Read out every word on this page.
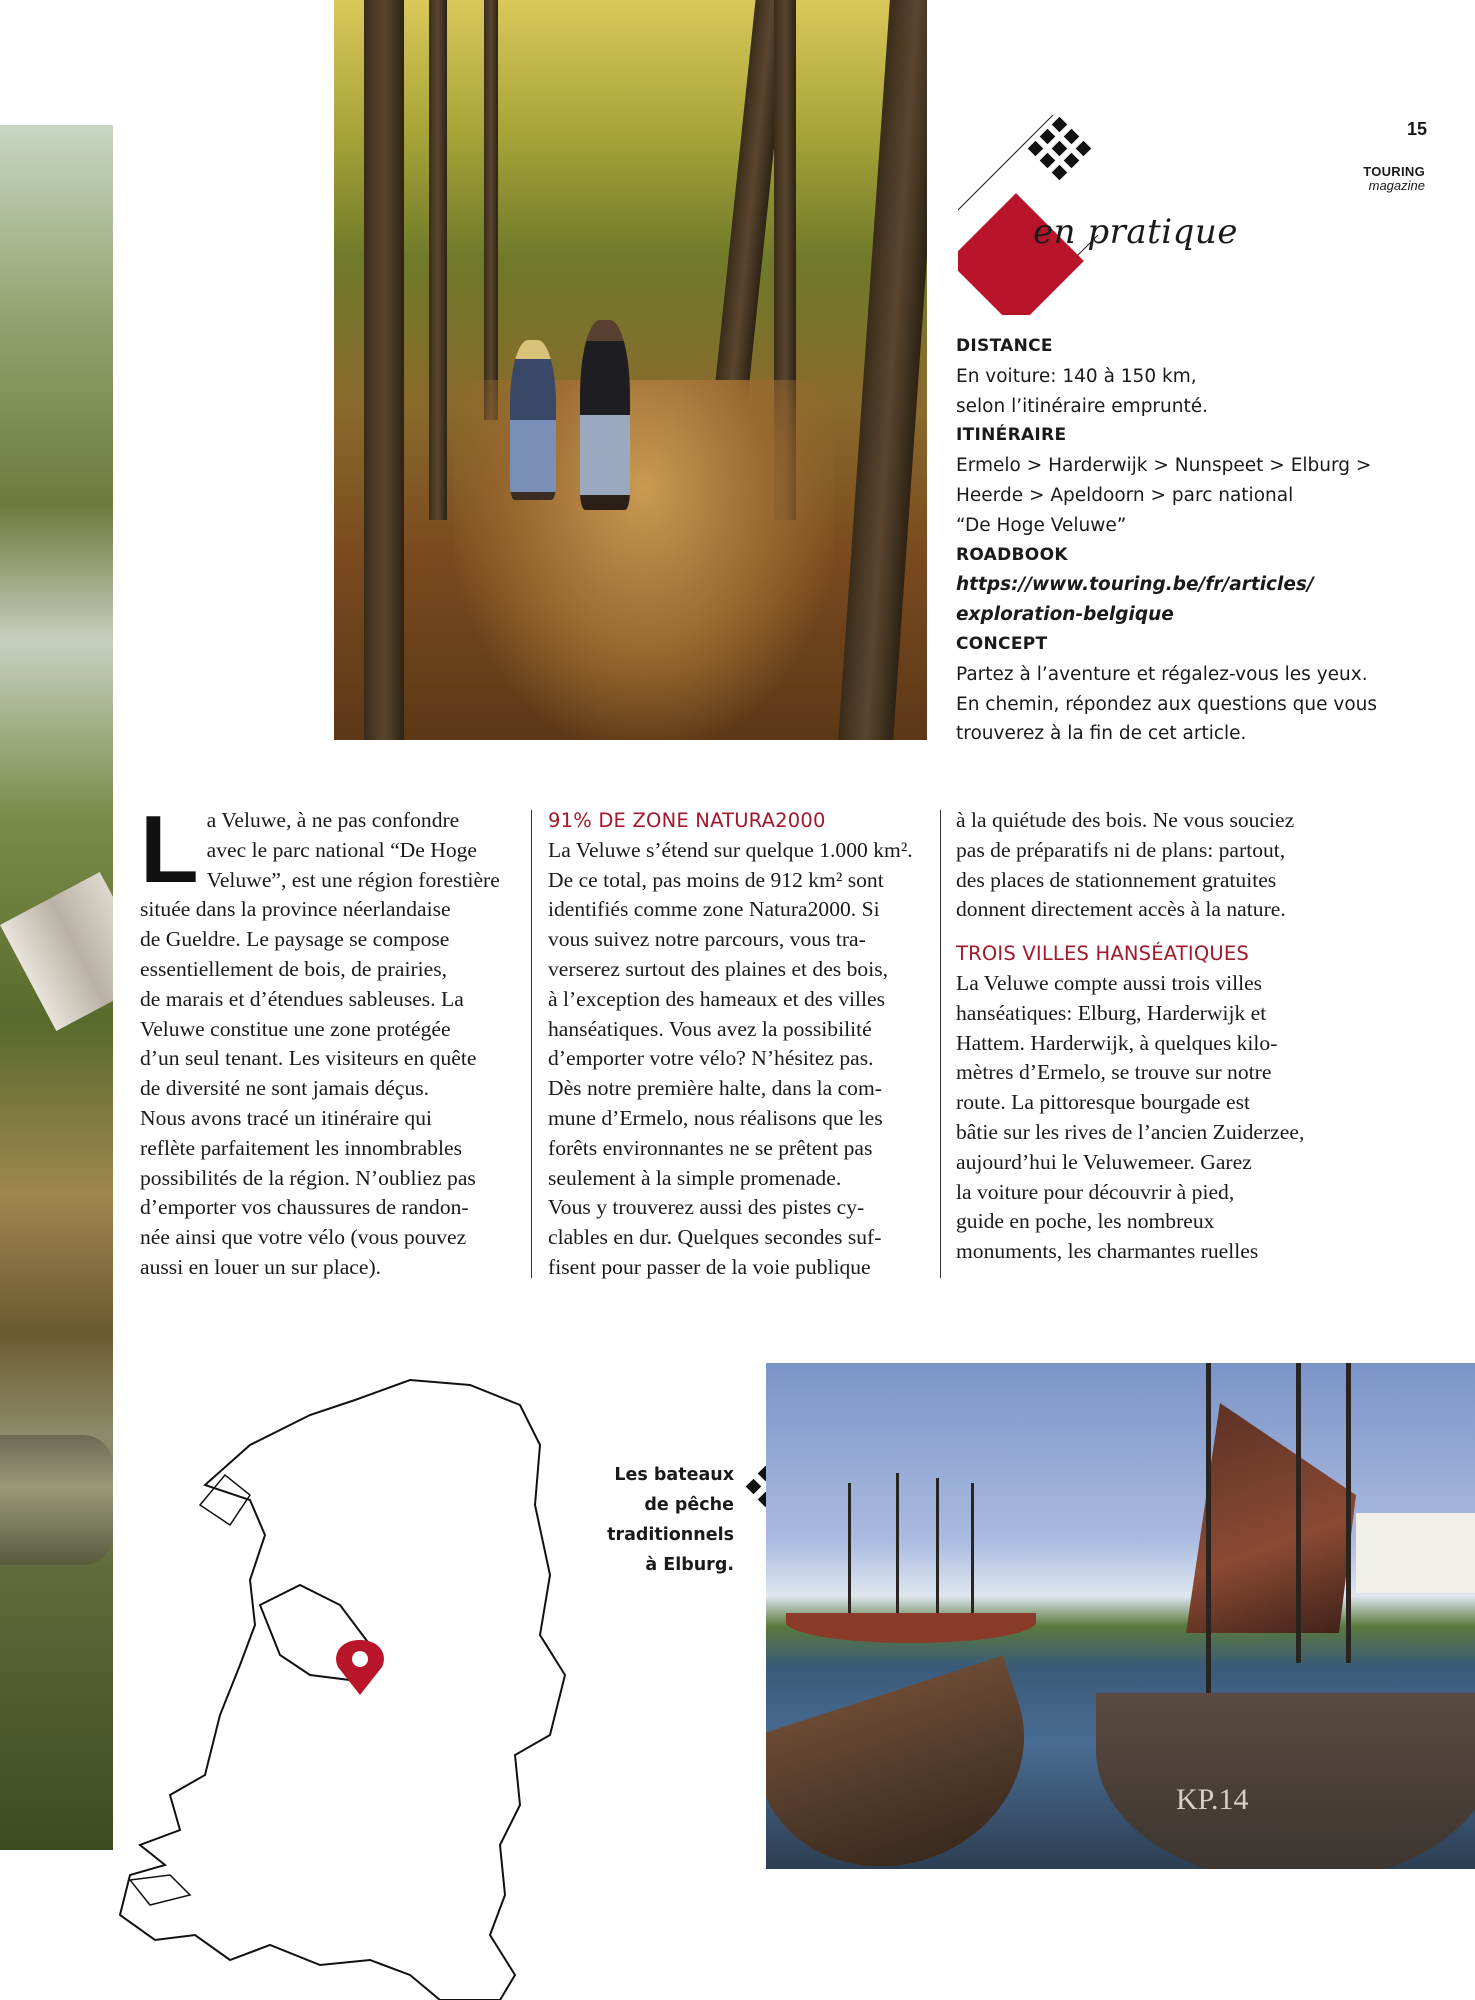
en pratique
15
TOURING
magazine
DISTANCE
En voiture: 140 à 150 km,
selon l’itinéraire emprunté.
ITINÉRAIRE
Ermelo > Harderwijk > Nunspeet > Elburg >
Heerde > Apeldoorn > parc national
“De Hoge Veluwe”
ROADBOOK
https://www.touring.be/fr/articles/
exploration-belgique
CONCEPT
Partez à l’aventure et régalez-vous les yeux.
En chemin, répondez aux questions que vous
trouverez à la fin de cet article.
L a Veluwe, à ne pas confondre

avec le parc national “De Hoge

Veluwe”, est une région forestière

située dans la province néerlandaise

de Gueldre. Le paysage se compose

essentiellement de bois, de prairies,

de marais et d’étendues sableuses. La

Veluwe constitue une zone protégée

d’un seul tenant. Les visiteurs en quête

de diversité ne sont jamais déçus.

Nous avons tracé un itinéraire qui

reflète parfaitement les innombrables

possibilités de la région. N’oubliez pas

d’emporter vos chaussures de randon-

née ainsi que votre vélo (vous pouvez

aussi en louer un sur place).

91% DE ZONE NATURA2000

La Veluwe s’étend sur quelque 1.000 km².

De ce total, pas moins de 912 km² sont

identifiés comme zone Natura2000. Si

vous suivez notre parcours, vous tra-

verserez surtout des plaines et des bois,

à l’exception des hameaux et des villes

hanséatiques. Vous avez la possibilité

d’emporter votre vélo? N’hésitez pas.

Dès notre première halte, dans la com-

mune d’Ermelo, nous réalisons que les

forêts environnantes ne se prêtent pas

seulement à la simple promenade.

Vous y trouverez aussi des pistes cy-

clables en dur. Quelques secondes suf-

fisent pour passer de la voie publique

à la quiétude des bois. Ne vous souciez

pas de préparatifs ni de plans: partout,

des places de stationnement gratuites

donnent directement accès à la nature.

TROIS VILLES HANSÉATIQUES

La Veluwe compte aussi trois villes

hanséatiques: Elburg, Harderwijk et

Hattem. Harderwijk, à quelques kilo-

mètres d’Ermelo, se trouve sur notre

route. La pittoresque bourgade est

bâtie sur les rives de l’ancien Zuiderzee,

aujourd’hui le Veluwemeer. Garez

la voiture pour découvrir à pied,

guide en poche, les nombreux

monuments, les charmantes ruelles

Les bateaux
de pêche
traditionnels
à Elburg.
KP.14
